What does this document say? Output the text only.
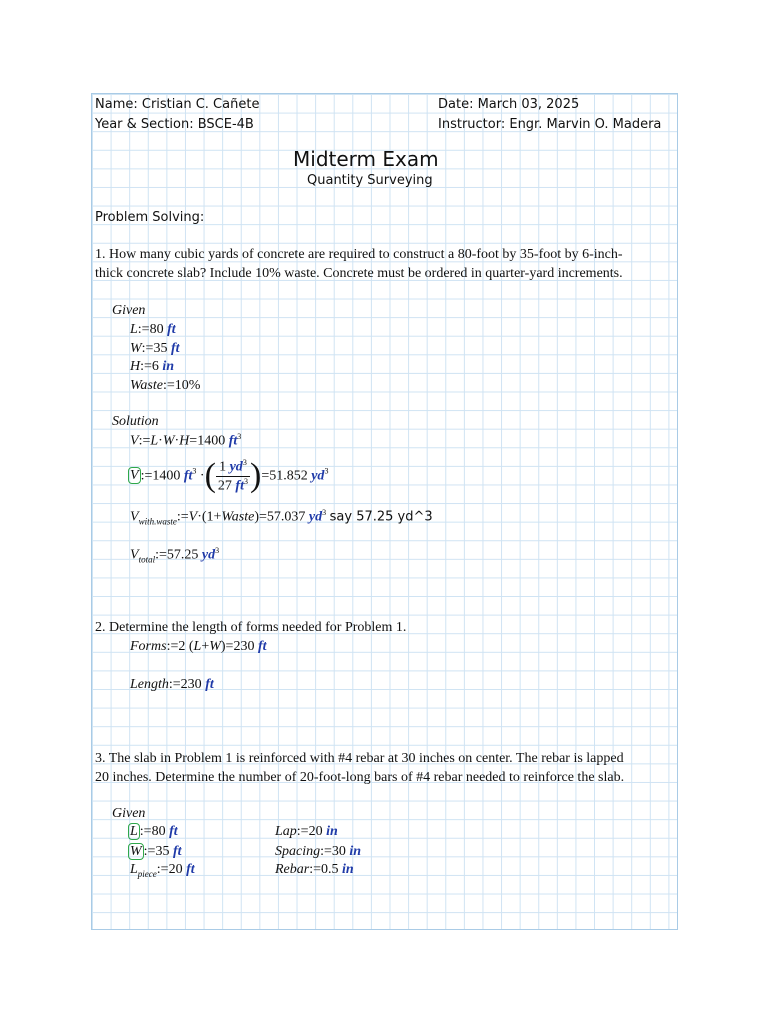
Name: Cristian C. Cañete
Year & Section: BSCE-4B
Date: March 03, 2025
Instructor: Engr. Marvin O. Madera
Midterm Exam
Quantity Surveying
Problem Solving:
1. How many cubic yards of concrete are required to construct a 80-foot by 35-foot by 6-inch-
thick concrete slab? Include 10% waste. Concrete must be ordered in quarter-yard increments.
Given
L:=80 ft
W:=35 ft
H:=6 in
Waste:=10%
Solution
V:=L·W·H=1400 $ft^3$
V :=1400 $ft^3$ ·( $\frac{1 yd^3}{27 ft^3} )=51.852$ $yd^3$
$V_{with.waste}:=V\cdot(1+Waste)=57.037$ $yd^3$ say 57.25 yd^3
$V_{total}:=57.25$ $yd^3$
2. Determine the length of forms needed for Problem 1.
Forms:=2 (L+W)=230 ft
Length:=230 ft
3. The slab in Problem 1 is reinforced with #4 rebar at 30 inches on center. The rebar is lapped
20 inches. Determine the number of 20-foot-long bars of #4 rebar needed to reinforce the slab.
Given
L :=80 ft
W :=35 ft
$L_{piece}:=20$ ft
Lap:=20 in
Spacing:=30 in
Rebar:=0.5 in
